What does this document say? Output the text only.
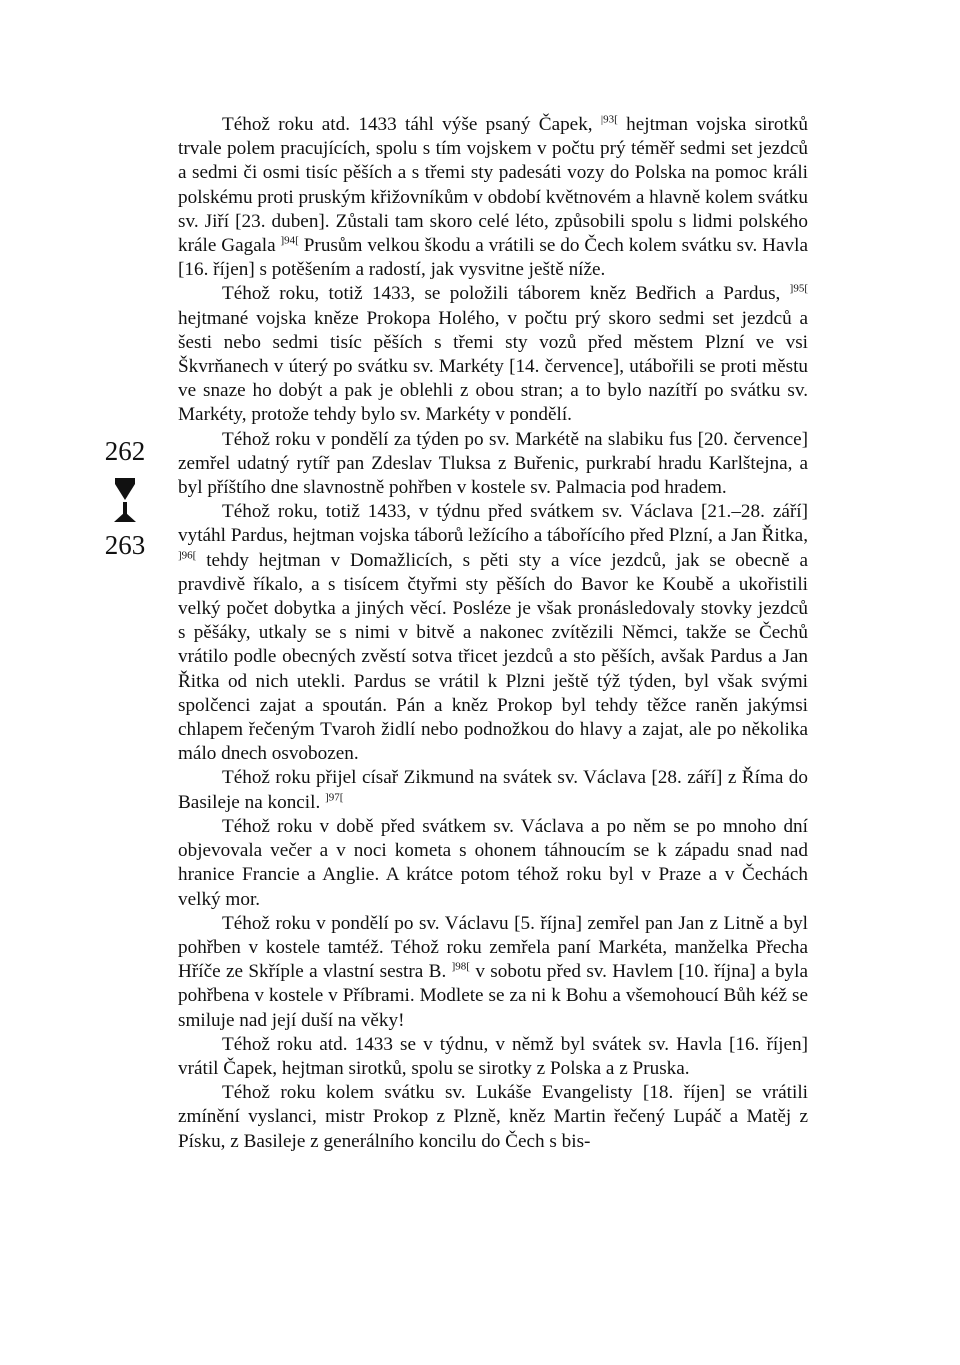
262
263

Téhož roku atd. 1433 táhl výše psaný Čapek, $^{|93[}$ hejtman vojska sirotků trvale polem pracujících, spolu s tím vojskem v počtu prý téměř sedmi set jezdců a sedmi či osmi tisíc pěších a s třemi sty padesáti vozy do Polska na pomoc králi polskému proti pruským křižovníkům v období květnovém a hlavně kolem svátku sv. Jiří [23. duben]. Zůstali tam skoro celé léto, způsobili spolu s lidmi polského krále Gagala $^{]94[}$ Prusům velkou škodu a vrátili se do Čech kolem svátku sv. Havla [16. říjen] s potěšením a radostí, jak vysvitne ještě níže.

Téhož roku, totiž 1433, se položili táborem kněz Bedřich a Pardus, $^{]95[}$ hejtmané vojska kněze Prokopa Holého, v počtu prý skoro sedmi set jezdců a šesti nebo sedmi tisíc pěších s třemi sty vozů před městem Plzní ve vsi Škvrňanech v úterý po svátku sv. Markéty [14. července], utábořili se proti městu ve snaze ho dobýt a pak je oblehli z obou stran; a to bylo nazítří po svátku sv. Markéty, protože tehdy bylo sv. Markéty v pondělí.

Téhož roku v pondělí za týden po sv. Markétě na slabiku fus [20. července] zemřel udatný rytíř pan Zdeslav Tluksa z Buřenic, purkrabí hradu Karlštejna, a byl příštího dne slavnostně pohřben v kostele sv. Palmacia pod hradem.

Téhož roku, totiž 1433, v týdnu před svátkem sv. Václava [21.–28. září] vytáhl Pardus, hejtman vojska táborů ležícího a tábořícího před Plzní, a Jan Řitka, $^{]96[}$ tehdy hejtman v Domažlicích, s pěti sty a více jezdců, jak se obecně a pravdivě říkalo, a s tisícem čtyřmi sty pěších do Bavor ke Koubě a ukořistili velký počet dobytka a jiných věcí. Posléze je však pronásledovaly stovky jezdců s pěšáky, utkaly se s nimi v bitvě a nakonec zvítězili Němci, takže se Čechů vrátilo podle obecných zvěstí sotva třicet jezdců a sto pěších, avšak Pardus a Jan Řitka od nich utekli. Pardus se vrátil k Plzni ještě týž týden, byl však svými spolčenci zajat a spoután. Pán a kněz Prokop byl tehdy těžce raněn jakýmsi chlapem řečeným Tvaroh židlí nebo podnožkou do hlavy a zajat, ale po několika málo dnech osvobozen.

Téhož roku přijel císař Zikmund na svátek sv. Václava [28. září] z Říma do Basileje na koncil. $^{]97[}$

Téhož roku v době před svátkem sv. Václava a po něm se po mnoho dní objevovala večer a v noci kometa s ohonem táhnoucím se k západu snad nad hranice Francie a Anglie. A krátce potom téhož roku byl v Praze a v Čechách velký mor.

Téhož roku v pondělí po sv. Václavu [5. října] zemřel pan Jan z Litně a byl pohřben v kostele tamtéž. Téhož roku zemřela paní Markéta, manželka Přecha Hříče ze Skříple a vlastní sestra B. $^{]98[}$ v sobotu před sv. Havlem [10. října] a byla pohřbena v kostele v Příbrami. Modlete se za ni k Bohu a všemohoucí Bůh kéž se smiluje nad její duší na věky!

Téhož roku atd. 1433 se v týdnu, v němž byl svátek sv. Havla [16. říjen] vrátil Čapek, hejtman sirotků, spolu se sirotky z Polska a z Pruska.

Téhož roku kolem svátku sv. Lukáše Evangelisty [18. říjen] se vrátili zmínění vyslanci, mistr Prokop z Plzně, kněz Martin řečený Lupáč a Matěj z Písku, z Basileje z generálního koncilu do Čech s bis-
